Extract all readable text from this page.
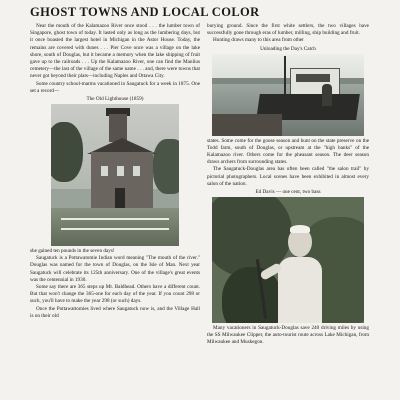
GHOST TOWNS AND LOCAL COLOR

Near the mouth of the Kalamazoo River once stood . . . the lumber town of Singapore, ghost town of today. It lasted only as long as the lumbering days, but it once boasted the largest hotel in Michigan in the Astor House. Today, the remains are covered with dunes . . . Pier Cove once was a village on the lake shore, south of Douglas, but it became a memory when the lake shipping of fruit gave up to the railroads . . . Up the Kalamazoo River, one can find the Manlius cemetery—the last of the village of the same name . . . and, there were towns that never got beyond their plats—including Naples and Ottawa City.

Some country school-marms vacationed in Saugatuck for a week in 1875. One set a record—

The Old Lighthouse (1859)

she gained ten pounds in the seven days!

Saugatuck is a Pottawatomie Indian word meaning "The mouth of the river." Douglas was named for the town of Douglas, on the Isle of Man. Next year Saugatuck will celebrate its 125th anniversary. One of the village's great events was the centennial in 1930.

Some say there are 365 steps up Mt. Baldhead. Others have a different count. But that won't change the 365-one for each day of the year. If you count 298 or such, you'll have to make the year 298 (or such) days.

Once the Pottawattomies lived where Saugatuck now is, and the Village Hall is on their old

burying ground. Since the first white settlers, the two villages have successfully gone through eras of lumber, milling, ship building and fruit.

Hunting draws many to this area from other

Unloading the Day's Catch

states. Some come for the goose season and hunt on the state preserve on the Todd farm, south of Douglas, or upstream at the "high banks" of the Kalamazoo river. Others come for the pheasant season. The deer season draws archers from surrounding states.

The Saugatuck-Douglas area has often been called "the salon trail" by pictorial photographers. Local scenes have been exhibited in almost every salon of the nation.

Ed Davis — one cent, two bass

Many vacationers in Saugatuck-Douglas save 240 driving miles by using the SS Milwaukee Clipper, the auto-tourist route across Lake Michigan, from Milwaukee and Muskegon.
